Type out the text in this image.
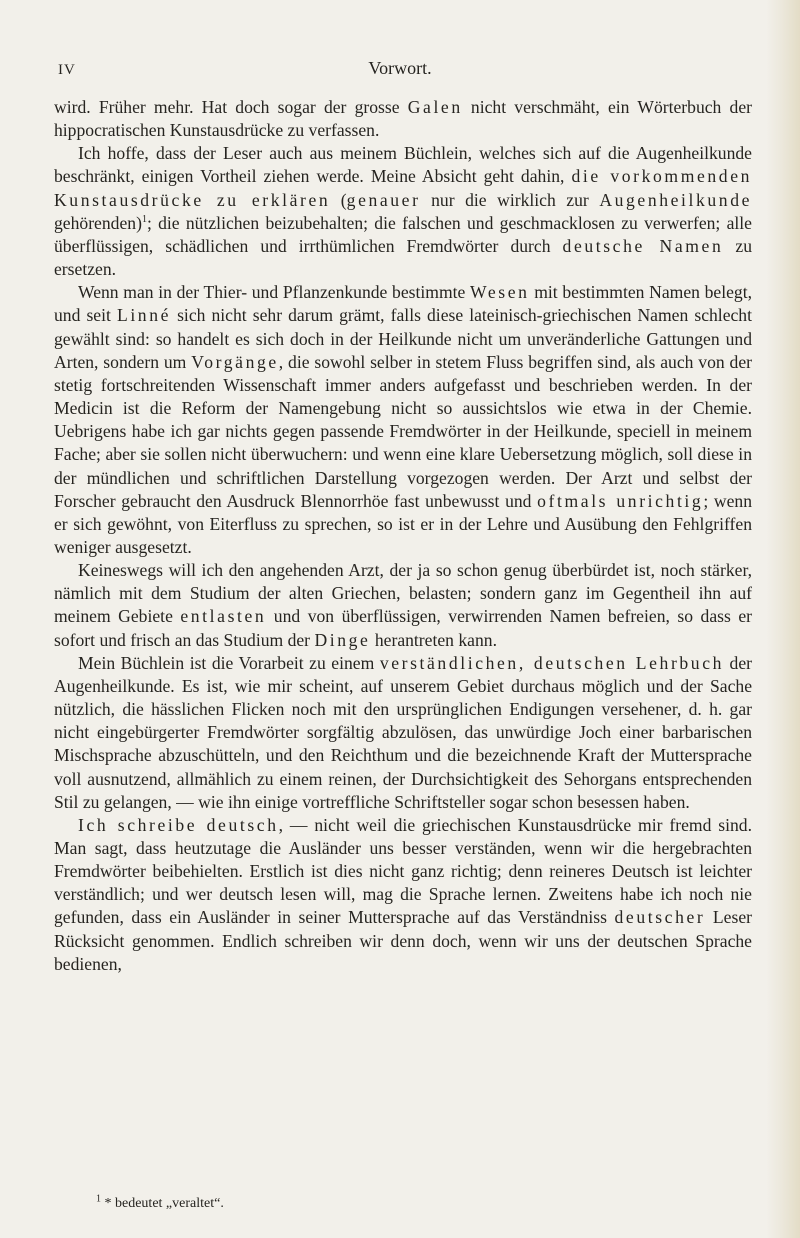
IV	Vorwort.

wird. Früher mehr. Hat doch sogar der grosse Galen nicht verschmäht, ein Wörterbuch der hippocratischen Kunstausdrücke zu verfassen.

Ich hoffe, dass der Leser auch aus meinem Büchlein, welches sich auf die Augenheilkunde beschränkt, einigen Vortheil ziehen werde. Meine Absicht geht dahin, die vorkommenden Kunstausdrücke zu erklären (genauer nur die wirklich zur Augenheilkunde gehörenden)$^1$; die nützlichen beizubehalten; die falschen und geschmacklosen zu verwerfen; alle überflüssigen, schädlichen und irrthümlichen Fremdwörter durch deutsche Namen zu ersetzen.

Wenn man in der Thier- und Pflanzenkunde bestimmte Wesen mit bestimmten Namen belegt, und seit Linné sich nicht sehr darum grämt, falls diese lateinisch-griechischen Namen schlecht gewählt sind: so handelt es sich doch in der Heilkunde nicht um unveränderliche Gattungen und Arten, sondern um Vorgänge, die sowohl selber in stetem Fluss begriffen sind, als auch von der stetig fortschreitenden Wissenschaft immer anders aufgefasst und beschrieben werden. In der Medicin ist die Reform der Namengebung nicht so aussichtslos wie etwa in der Chemie. Uebrigens habe ich gar nichts gegen passende Fremdwörter in der Heilkunde, speciell in meinem Fache; aber sie sollen nicht überwuchern: und wenn eine klare Uebersetzung möglich, soll diese in der mündlichen und schriftlichen Darstellung vorgezogen werden. Der Arzt und selbst der Forscher gebraucht den Ausdruck Blennorrhöe fast unbewusst und oftmals unrichtig; wenn er sich gewöhnt, von Eiterfluss zu sprechen, so ist er in der Lehre und Ausübung den Fehlgriffen weniger ausgesetzt.

Keineswegs will ich den angehenden Arzt, der ja so schon genug überbürdet ist, noch stärker, nämlich mit dem Studium der alten Griechen, belasten; sondern ganz im Gegentheil ihn auf meinem Gebiete entlasten und von überflüssigen, verwirrenden Namen befreien, so dass er sofort und frisch an das Studium der Dinge herantreten kann.

Mein Büchlein ist die Vorarbeit zu einem verständlichen, deutschen Lehrbuch der Augenheilkunde. Es ist, wie mir scheint, auf unserem Gebiet durchaus möglich und der Sache nützlich, die hässlichen Flicken noch mit den ursprünglichen Endigungen versehener, d. h. gar nicht eingebürgerter Fremdwörter sorgfältig abzulösen, das unwürdige Joch einer barbarischen Mischsprache abzuschütteln, und den Reichthum und die bezeichnende Kraft der Muttersprache voll ausnutzend, allmählich zu einem reinen, der Durchsichtigkeit des Sehorgans entsprechenden Stil zu gelangen, — wie ihn einige vortreffliche Schriftsteller sogar schon besessen haben.

Ich schreibe deutsch, — nicht weil die griechischen Kunstausdrücke mir fremd sind. Man sagt, dass heutzutage die Ausländer uns besser verständen, wenn wir die hergebrachten Fremdwörter beibehielten. Erstlich ist dies nicht ganz richtig; denn reineres Deutsch ist leichter verständlich; und wer deutsch lesen will, mag die Sprache lernen. Zweitens habe ich noch nie gefunden, dass ein Ausländer in seiner Muttersprache auf das Verständniss deutscher Leser Rücksicht genommen. Endlich schreiben wir denn doch, wenn wir uns der deutschen Sprache bedienen,

$^1$ * bedeutet „veraltet“.
